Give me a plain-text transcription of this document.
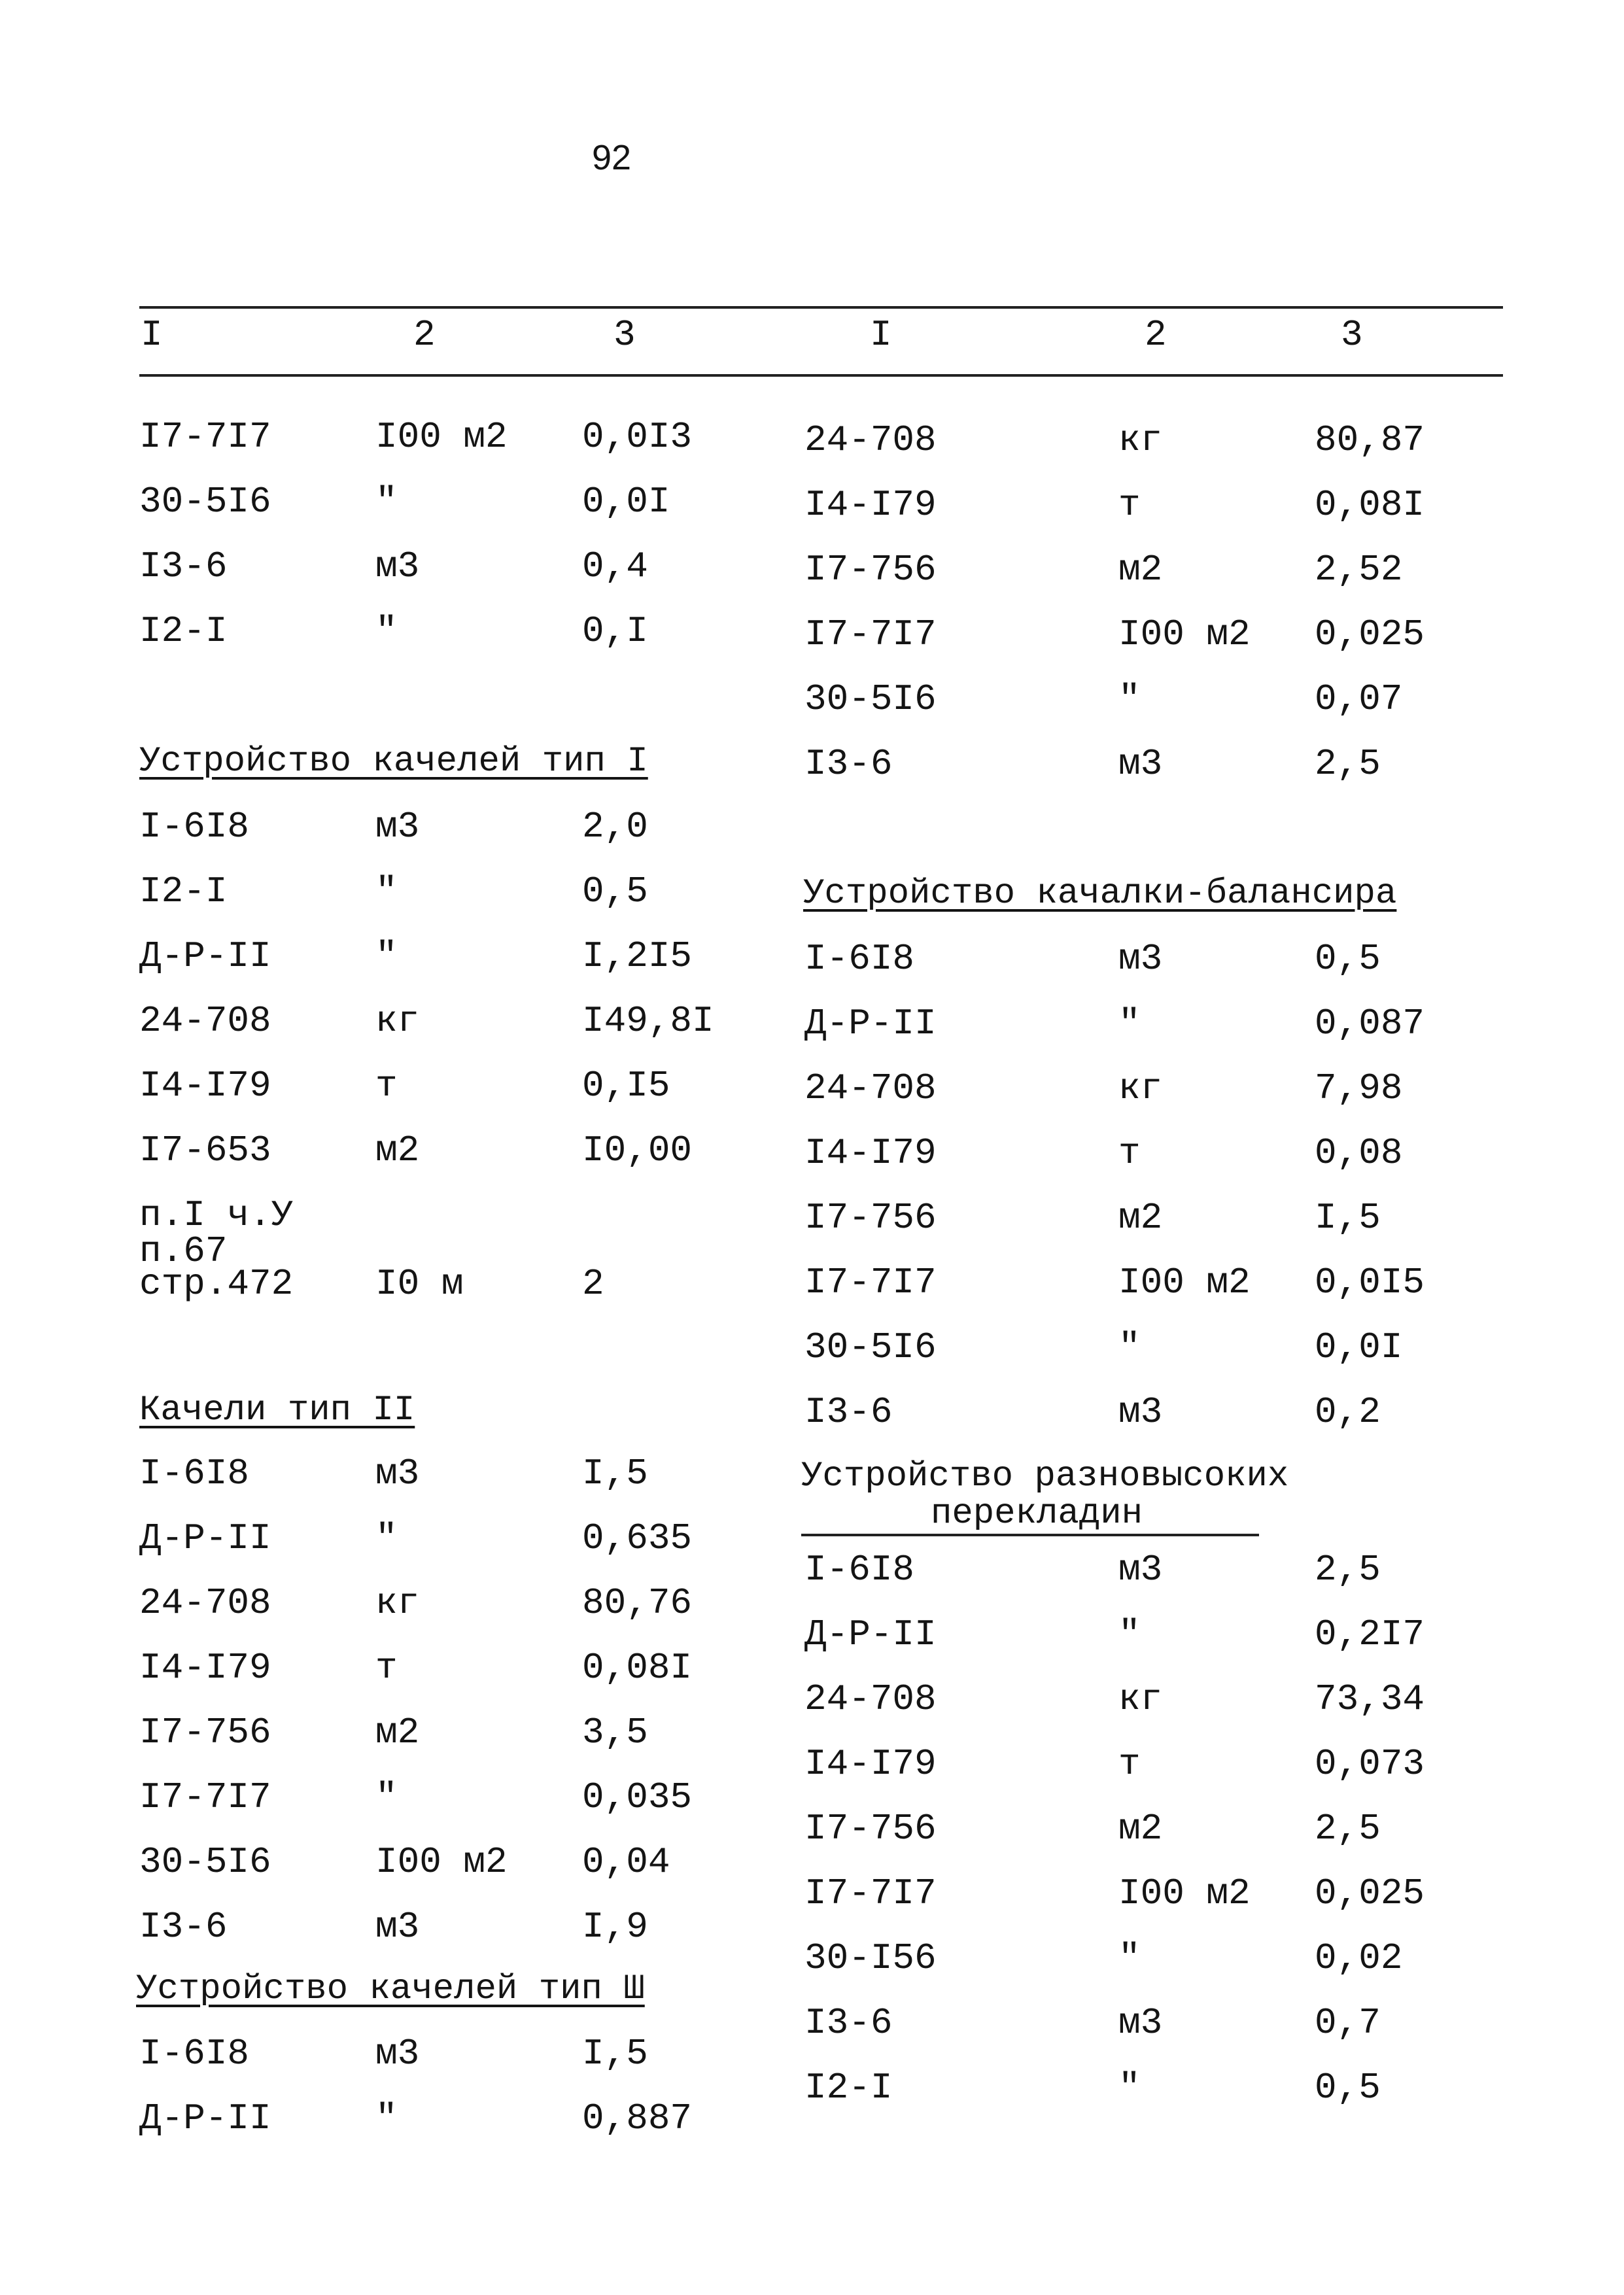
92
I	2	3	I	2	3
I7-7I7	I00 м2 0,0I3
30-5I6	"	0,0I
I3-6	м3	0,4
I2-I	"	0,I
Устройство качелей тип I
I-6I8	м3	2,0
I2-I	"	0,5
Д-Р-II	"	I,2I5
24-708	кг	I49,8I
I4-I79	т	0,I5
I7-653	м2	I0,00
п.I ч.У
п.67
стр.472 I0 м	2
Качели тип II
I-6I8	м3	I,5
Д-Р-II	"	0,635
24-708	кг	80,76
I4-I79	т	0,08I
I7-756	м2	3,5
I7-7I7	"	0,035
30-5I6	I00 м2 0,04
I3-6	м3	I,9
Устройство качелей тип Ш
I-6I8	м3	I,5
Д-Р-II	"	0,887
24-708	кг	80,87
I4-I79	т	0,08I
I7-756	м2	2,52
I7-7I7	I00 м2 0,025
30-5I6	"	0,07
I3-6	м3	2,5
Устройство качалки-балансира
I-6I8	м3	0,5
Д-Р-II	"	0,087
24-708	кг	7,98
I4-I79	т	0,08
I7-756	м2	I,5
I7-7I7	I00 м2 0,0I5
30-5I6	"	0,0I
I3-6	м3	0,2
Устройство разновысоких
перекладин
I-6I8	м3	2,5
Д-Р-II	"	0,2I7
24-708	кг	73,34
I4-I79	т	0,073
I7-756	м2	2,5
I7-7I7	I00 м2 0,025
30-I56	"	0,02
I3-6	м3	0,7
I2-I	"	0,5
